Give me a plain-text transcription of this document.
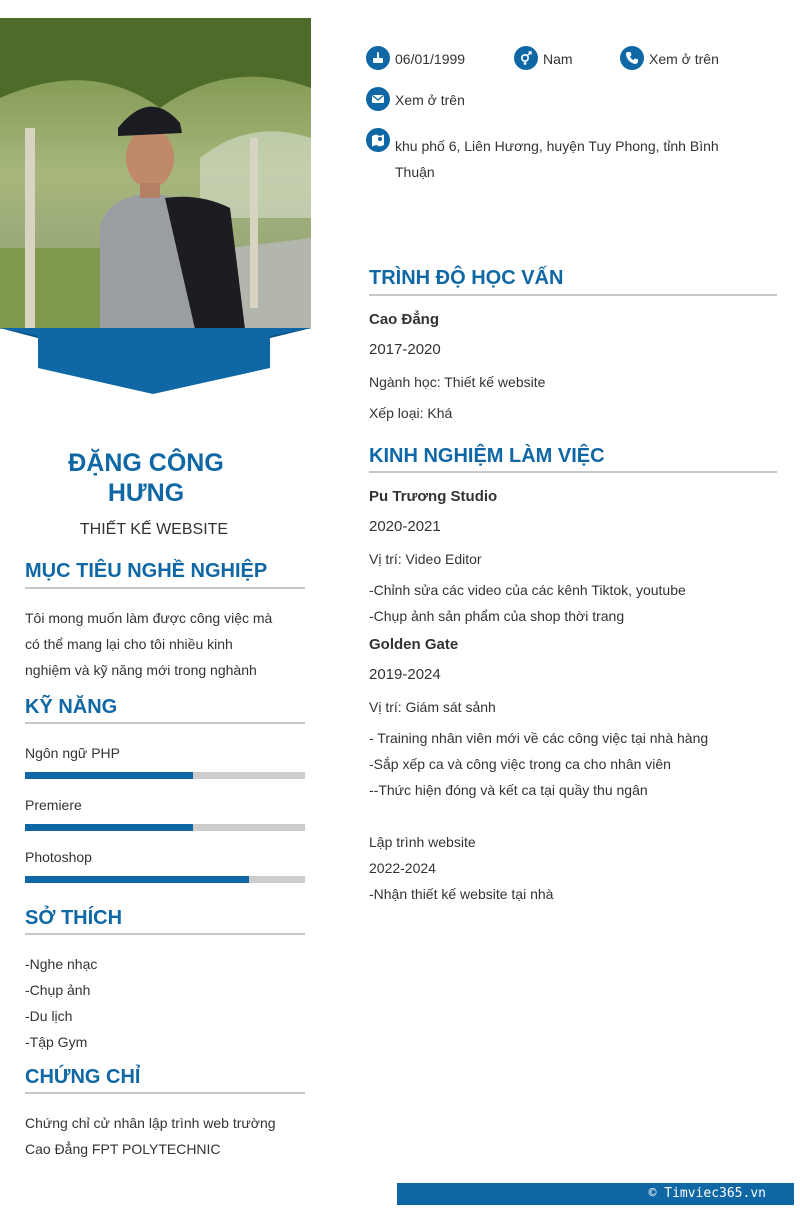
ĐẶNG CÔNG
HƯNG
THIẾT KẾ WEBSITE
MỤC TIÊU NGHỀ NGHIỆP
Tôi mong muốn làm được công việc mà
có thể mang lại cho tôi nhiều kinh
nghiệm và kỹ năng mới trong nghành
KỸ NĂNG
Ngôn ngữ PHP
Premiere
Photoshop
SỞ THÍCH
-Nghe nhạc
-Chụp ảnh
-Du lịch
-Tập Gym
CHỨNG CHỈ
Chứng chỉ cử nhân lập trình web trường
Cao Đẳng FPT POLYTECHNIC
06/01/1999	Nam	Xem ở trên
Xem ở trên
khu phố 6, Liên Hương, huyện Tuy Phong, tỉnh Bình
Thuận
TRÌNH ĐỘ HỌC VẤN
Cao Đẳng
2017-2020
Ngành học: Thiết kế website
Xếp loại: Khá
KINH NGHIỆM LÀM VIỆC
Pu Trương Studio
2020-2021
Vị trí: Video Editor
-Chỉnh sửa các video của các kênh Tiktok, youtube
-Chụp ảnh sản phẩm của shop thời trang
Golden Gate
2019-2024
Vị trí: Giám sát sảnh
- Training nhân viên mới về các công việc tại nhà hàng
-Sắp xếp ca và công việc trong ca cho nhân viên
--Thức hiện đóng và kết ca tại quầy thu ngân
Lập trình website
2022-2024
-Nhận thiết kế website tại nhà
© Timviec365.vn
